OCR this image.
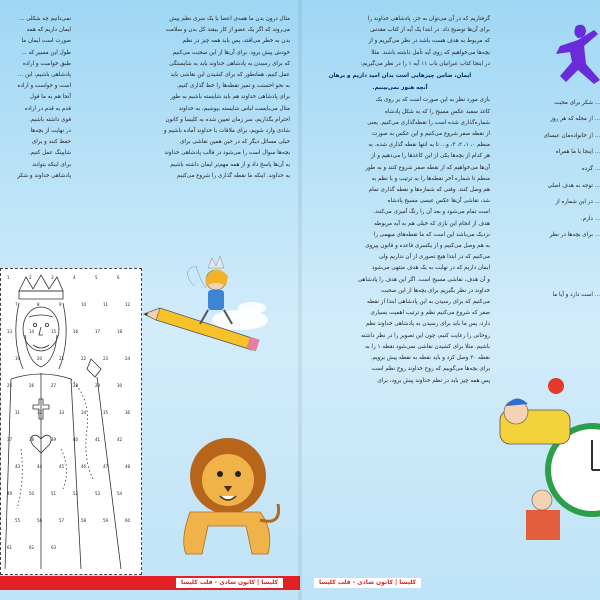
نمی‌دانیم چه شکلی ...

ایمان داریم که همه

صورت است ایمان ما

طول این مسیر که ...

طبق خواست و اراده

پادشاهی باشیم، این ...

است و خواست و اراده

آنجا هم به ما قول

قدم به قدم در اراده

قوی داشته باشیم.

در نهایت از بچه‌ها

حفظ کنند و برای

شاپینگ عمل کنیم.

برای اینکه بتوانند

پادشاهی خداوند و شکر

مثال درون بدن ما همه‌ی اعضا با یک سری نظم پیش

می‌روند که اگر یک عضو از کار بیفتد کل بدن و سلامت

بدن به خطر می‌افتد، پس باید همه چیز در نظم

خودش پیش برود. برای آن‌ها از این صحبت می‌کنیم

که برای رسیدن به پادشاهی خداوند باید به شایستگی

عمل کنیم، همانطور که برای کشیدن این نقاشی باید

به نحو احسنت و تمیز نقطه‌ها را خط گذاری کنیم.

برای پادشاهی خداوند هم باید شایسته باشیم به طور

مثال می‌بایست لباس شایسته بپوشیم، به خداوند

احترام بگذاریم، سر زمان تعیین شده به کلیسا و کانون

شادی وارد شویم، برای ملاقات با خداوند آماده باشیم و

خیلی مسائل دیگر که در حین همین نقاشی برای

بچه‌ها سوال است را می‌شود در قالب پادشاهی خداوند

به آن‌ها پاسخ داد و از همه مهم‌تر ایمان داشته باشیم

به خداوند. اینکه ما نقطه گذاری را شروع می‌کنیم

1	2	3	4	5	6
7	8	9	10	11	12
13	14	15	16	17	18
19	20	21	22	23	24
25	26	27	28	29	30
31	32	33	34	35	36
37	38	39	40	41	42
43	44	45	46	47	48
49	50	51	52	53	54
55	56	57	58	59	60
61	62	63
کلیسا | کانون شادی - قلب کلیسا

گرفتاریم که در آن می‌توان به جز، پادشاهی خداوند را

برای آن‌ها توضیح داد. در ابتدا یک آیه از کتاب مقدس

که مربوط به هدف هست باشد در نظر می‌گیریم و از

بچه‌ها می‌خواهیم که روی آیه تأمل داشته باشند. مثلا

در اینجا کتاب عبرانیان باب ۱۱ آیه ۱ را در نظر می‌گیریم:

ایمان، ضامن چیزهایی است بدان امید داریم و برهان

آنچه هنوز نمی‌بینیم.

بازی مورد نظر به این صورت است که بر روی یک

کاغذ سفید عکس مسیح را که به شکل پادشاه

شماره‌گذاری شده است را نقطه‌گذاری می‌کنیم. یعنی

از نقطه صفر شروع می‌کنیم و این عکس به صورت

منظم ۰، ۱، ۲، ۳، و... تا به انتها نقطه گذاری شده. به

هر کدام از بچه‌ها یکی از این کاغذها را می‌دهیم و از

آن‌ها می‌خواهیم که از نقطه صفر شروع کنند و به طور

منظم تا شماره آخر نقطه‌ها را به ترتیب و با نظم به

هم وصل کنند. وقتی که شماره‌ها و نقطه گذاری تمام

شد، نقاشی آن‌ها عکس عیسی مسیح پادشاه

است تمام می‌شود و بعد آن را رنگ آمیزی می‌کنند.

هدف از انجام این بازی که خیلی هم به آیه مربوطه

نزدیک می‌باشد این است که ما نقطه‌های مبهمی را

به هم وصل می‌کنیم و از یکسری قاعده و قانون پیروی

می‌کنیم که در ابتدا هیچ تصوری از آن نداریم ولی

ایمان داریم که در نهایت به یک هدف منتهی می‌شود

و آن هدف، نقاشی مسیح است. اگر این هدف را پادشاهی

خداوند در نظر بگیریم برای بچه‌ها از این صحبت

می‌کنیم که برای رسیدن به این پادشاهی ابتدا از نقطه

صفر که شروع می‌کنیم نظم و ترتیب اهمیت بسیاری

دارد، پس ما باید برای رسیدن به پادشاهی خداوند نظم

روحانی را رعایت کنیم، چون این تصویر را در نظر داشته

باشیم. مثلا برای کشیدن نقاشی نمی‌شود نقطه ۱ را به

نقطه ۲۰ وصل کرد و باید نقطه به نقطه پیش برویم.

برای بچه‌ها می‌گوییم که روح خداوند روح نظم است

پس همه چیز باید در نظم خداوند پیش برود، برای

... شکر برای محبت

... از مجله که هر روز

... از خانواده‌مان عیسای

... اینجا با ما همراه

... گرده

... توجه به هدف اصلی

... در این شماره از

... دارم.

... برای بچه‌ها در نظر

... است دارد و آیا ما
کلیسا | کانون شادی - قلب کلیسا
